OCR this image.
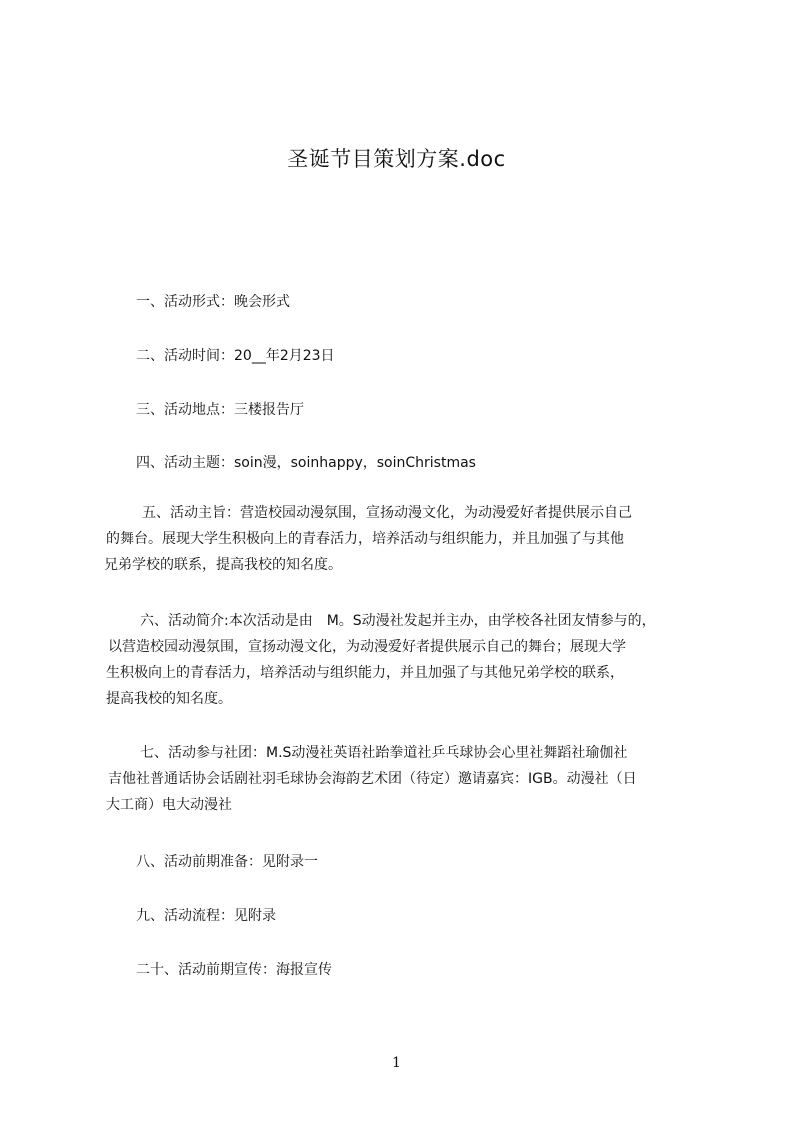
圣诞节目策划方案.doc
一、活动形式：晚会形式
二、活动时间：20__年2月23日
三、活动地点：三楼报告厅
四、活动主题：soin漫，soinhappy，soinChristmas
五、活动主旨：营造校园动漫氛围，宣扬动漫文化，为动漫爱好者提供展示自己
的舞台。展现大学生积极向上的青春活力，培养活动与组织能力，并且加强了与其他
兄弟学校的联系，提高我校的知名度。
六、活动简介:本次活动是由　M。S动漫社发起并主办，由学校各社团友情参与的，
以营造校园动漫氛围，宣扬动漫文化，为动漫爱好者提供展示自己的舞台；展现大学
生积极向上的青春活力，培养活动与组织能力，并且加强了与其他兄弟学校的联系，
提高我校的知名度。
七、活动参与社团：M.S动漫社英语社跆拳道社乒乓球协会心里社舞蹈社瑜伽社
吉他社普通话协会话剧社羽毛球协会海韵艺术团（待定）邀请嘉宾：IGB。动漫社（日
大工商）电大动漫社
八、活动前期准备：见附录一
九、活动流程：见附录
二十、活动前期宣传：海报宣传
1
